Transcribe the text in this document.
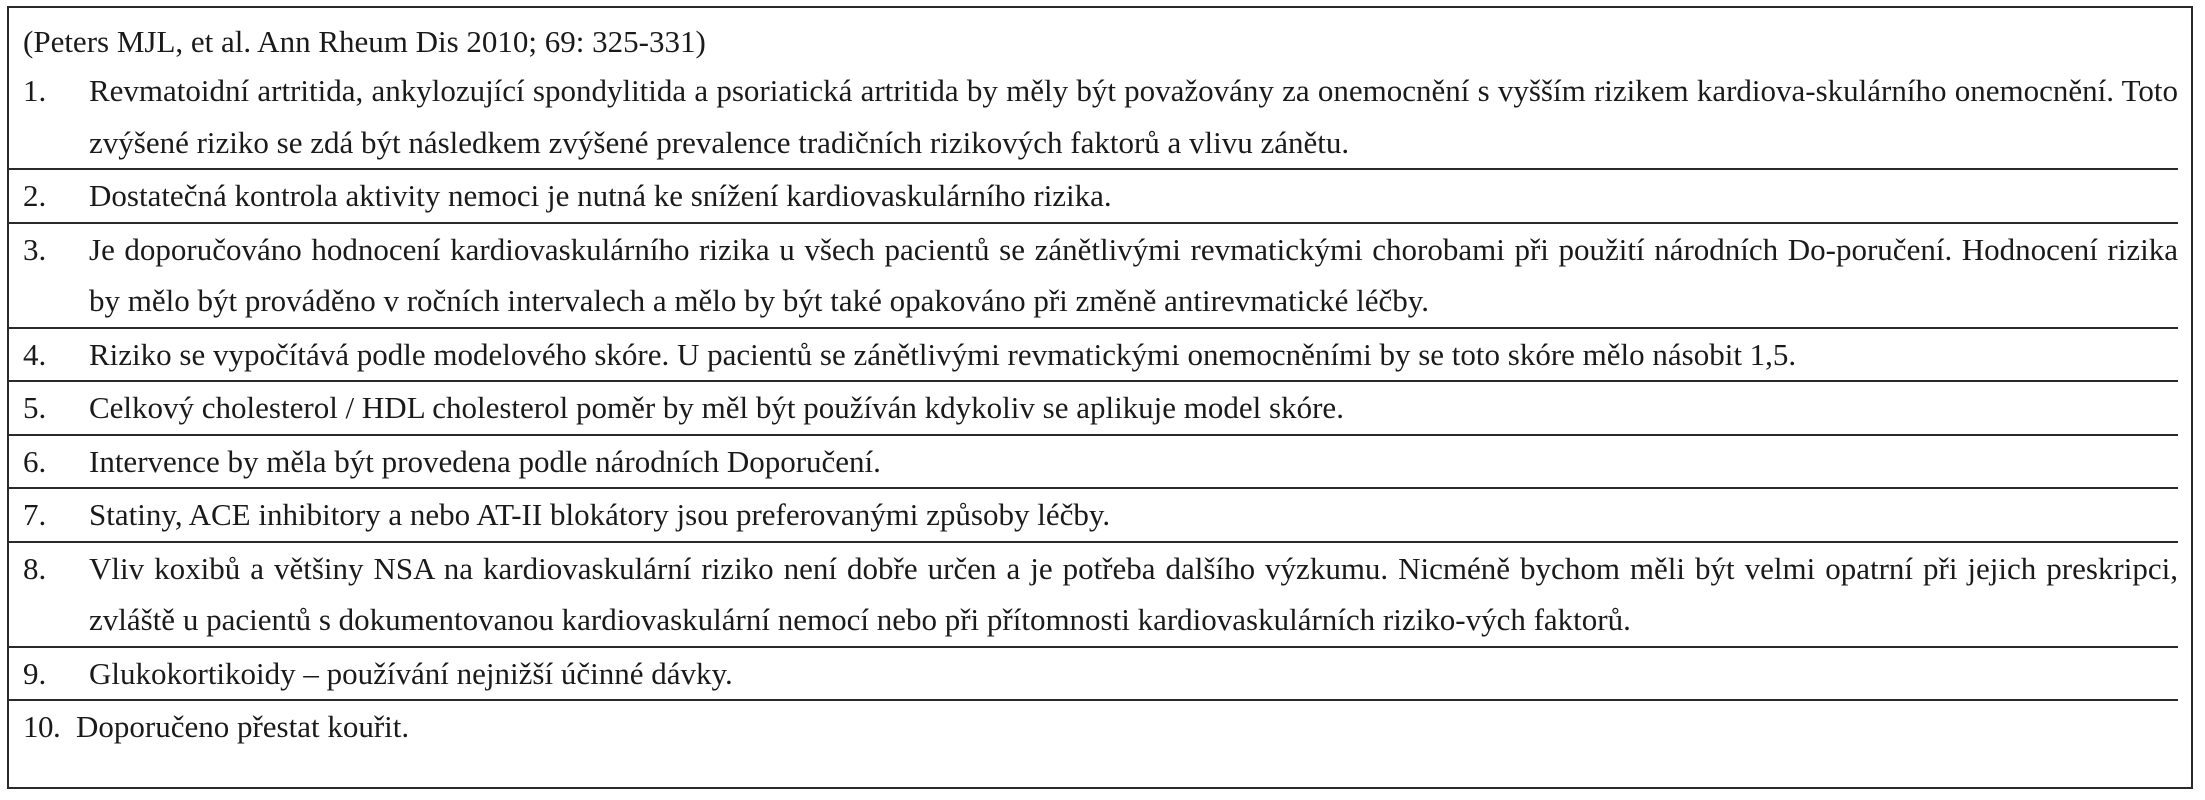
(Peters MJL, et al. Ann Rheum Dis 2010; 69: 325-331)
1. Revmatoidní artritida, ankylozující spondylitida a psoriatická artritida by měly být považovány za onemocnění s vyšším rizikem kardiova-skulárního onemocnění. Toto zvýšené riziko se zdá být následkem zvýšené prevalence tradičních rizikových faktorů a vlivu zánětu.
2. Dostatečná kontrola aktivity nemoci je nutná ke snížení kardiovaskulárního rizika.
3. Je doporučováno hodnocení kardiovaskulárního rizika u všech pacientů se zánětlivými revmatickými chorobami při použití národních Do-poručení. Hodnocení rizika by mělo být prováděno v ročních intervalech a mělo by být také opakováno při změně antirevmatické léčby.
4. Riziko se vypočítává podle modelového skóre. U pacientů se zánětlivými revmatickými onemocněními by se toto skóre mělo násobit 1,5.
5. Celkový cholesterol / HDL cholesterol poměr by měl být používán kdykoliv se aplikuje model skóre.
6. Intervence by měla být provedena podle národních Doporučení.
7. Statiny, ACE inhibitory a nebo AT-II blokátory jsou preferovanými způsoby léčby.
8. Vliv koxibů a většiny NSA na kardiovaskulární riziko není dobře určen a je potřeba dalšího výzkumu. Nicméně bychom měli být velmi opatrní při jejich preskripci, zvláště u pacientů s dokumentovanou kardiovaskulární nemocí nebo při přítomnosti kardiovaskulárních riziko-vých faktorů.
9. Glukokortikoidy – používání nejnižší účinné dávky.
10. Doporučeno přestat kouřit.
